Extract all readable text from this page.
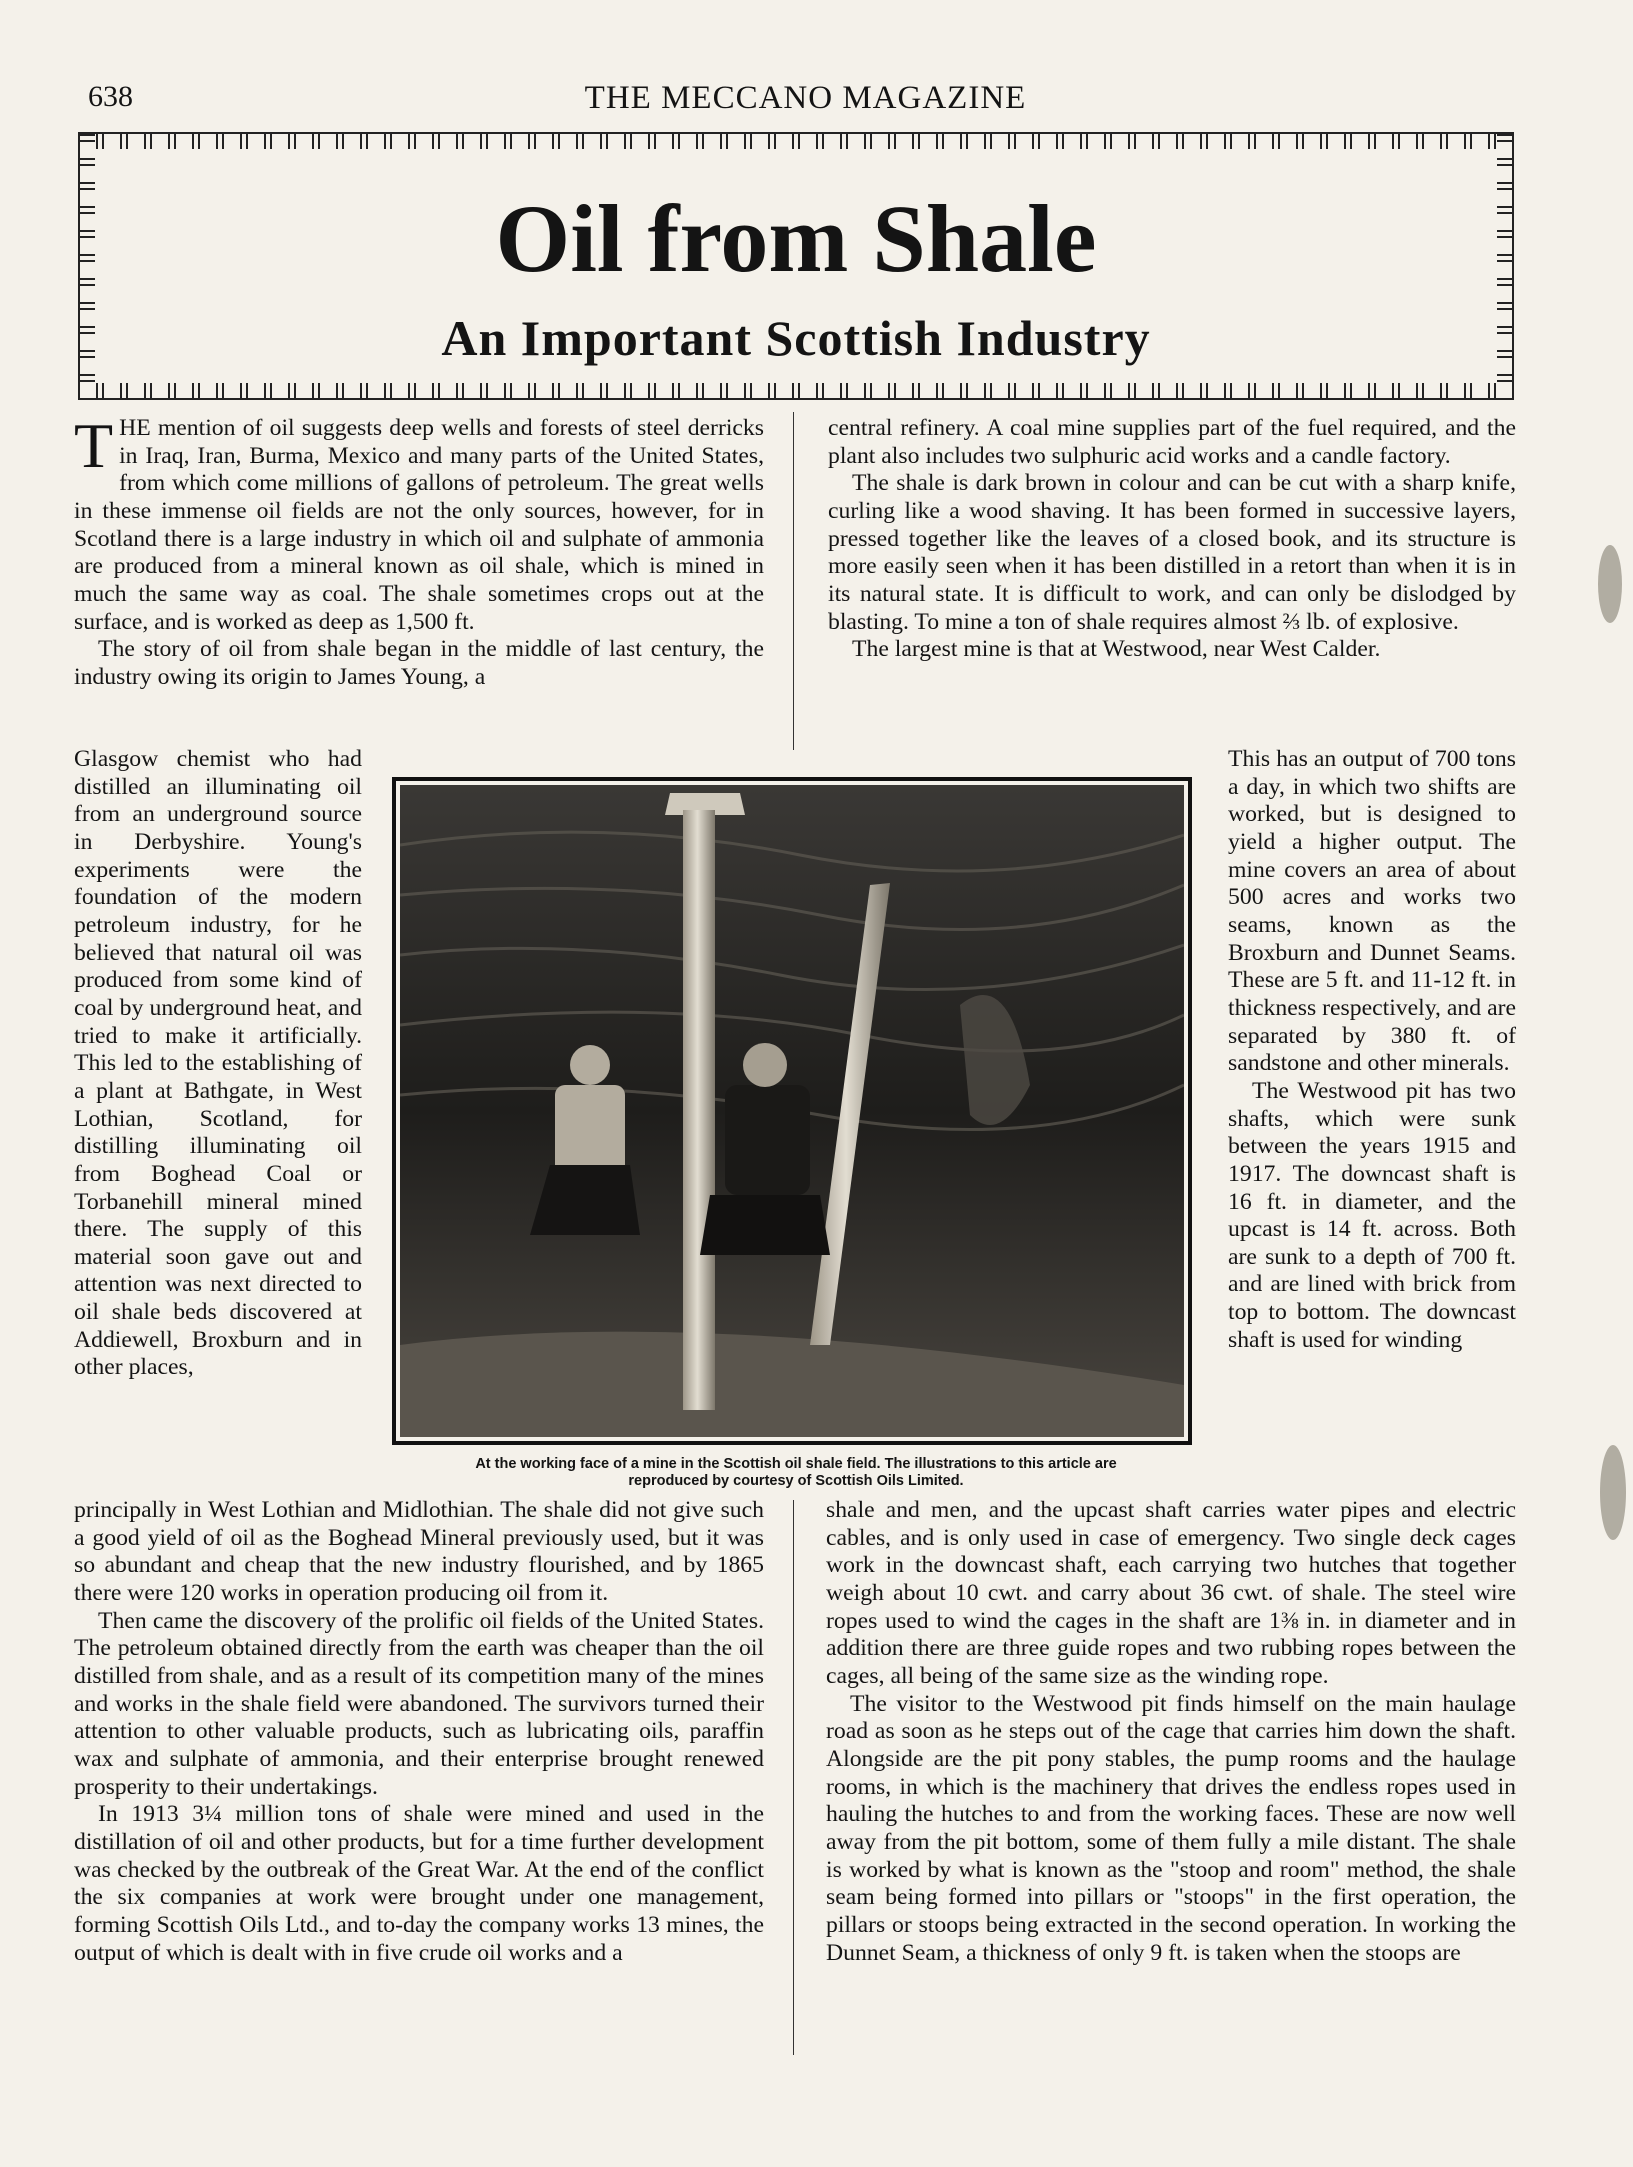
638	THE MECCANO MAGAZINE
Oil from Shale
An Important Scottish Industry

THE mention of oil suggests deep wells and forests of steel derricks in Iraq, Iran, Burma, Mexico and many parts of the United States, from which come millions of gallons of petroleum. The great wells in these immense oil fields are not the only sources, however, for in Scotland there is a large industry in which oil and sulphate of ammonia are produced from a mineral known as oil shale, which is mined in much the same way as coal. The shale sometimes crops out at the surface, and is worked as deep as 1,500 ft.

The story of oil from shale began in the middle of last century, the industry owing its origin to James Young, a

Glasgow chemist who had distilled an illuminating oil from an underground source in Derbyshire. Young's experiments were the foundation of the modern petroleum industry, for he believed that natural oil was produced from some kind of coal by underground heat, and tried to make it artificially. This led to the establishing of a plant at Bathgate, in West Lothian, Scotland, for distilling illuminating oil from Boghead Coal or Torbanehill mineral mined there. The supply of this material soon gave out and attention was next directed to oil shale beds discovered at Addiewell, Broxburn and in other places,

principally in West Lothian and Midlothian. The shale did not give such a good yield of oil as the Boghead Mineral previously used, but it was so abundant and cheap that the new industry flourished, and by 1865 there were 120 works in operation producing oil from it.

Then came the discovery of the prolific oil fields of the United States. The petroleum obtained directly from the earth was cheaper than the oil distilled from shale, and as a result of its competition many of the mines and works in the shale field were abandoned. The survivors turned their attention to other valuable products, such as lubricating oils, paraffin wax and sulphate of ammonia, and their enterprise brought renewed prosperity to their undertakings.

In 1913 3¼ million tons of shale were mined and used in the distillation of oil and other products, but for a time further development was checked by the outbreak of the Great War. At the end of the conflict the six companies at work were brought under one management, forming Scottish Oils Ltd., and to-day the company works 13 mines, the output of which is dealt with in five crude oil works and a

central refinery. A coal mine supplies part of the fuel required, and the plant also includes two sulphuric acid works and a candle factory.

The shale is dark brown in colour and can be cut with a sharp knife, curling like a wood shaving. It has been formed in successive layers, pressed together like the leaves of a closed book, and its structure is more easily seen when it has been distilled in a retort than when it is in its natural state. It is difficult to work, and can only be dislodged by blasting. To mine a ton of shale requires almost ⅔ lb. of explosive.

The largest mine is that at Westwood, near West Calder.

This has an output of 700 tons a day, in which two shifts are worked, but is designed to yield a higher output. The mine covers an area of about 500 acres and works two seams, known as the Broxburn and Dunnet Seams. These are 5 ft. and 11-12 ft. in thickness respectively, and are separated by 380 ft. of sandstone and other minerals.

The Westwood pit has two shafts, which were sunk between the years 1915 and 1917. The downcast shaft is 16 ft. in diameter, and the upcast is 14 ft. across. Both are sunk to a depth of 700 ft. and are lined with brick from top to bottom. The downcast shaft is used for winding

shale and men, and the upcast shaft carries water pipes and electric cables, and is only used in case of emergency. Two single deck cages work in the downcast shaft, each carrying two hutches that together weigh about 10 cwt. and carry about 36 cwt. of shale. The steel wire ropes used to wind the cages in the shaft are 1⅜ in. in diameter and in addition there are three guide ropes and two rubbing ropes between the cages, all being of the same size as the winding rope.

The visitor to the Westwood pit finds himself on the main haulage road as soon as he steps out of the cage that carries him down the shaft. Alongside are the pit pony stables, the pump rooms and the haulage rooms, in which is the machinery that drives the endless ropes used in hauling the hutches to and from the working faces. These are now well away from the pit bottom, some of them fully a mile distant. The shale is worked by what is known as the "stoop and room" method, the shale seam being formed into pillars or "stoops" in the first operation, the pillars or stoops being extracted in the second operation. In working the Dunnet Seam, a thickness of only 9 ft. is taken when the stoops are

At the working face of a mine in the Scottish oil shale field. The illustrations to this article are
reproduced by courtesy of Scottish Oils Limited.
